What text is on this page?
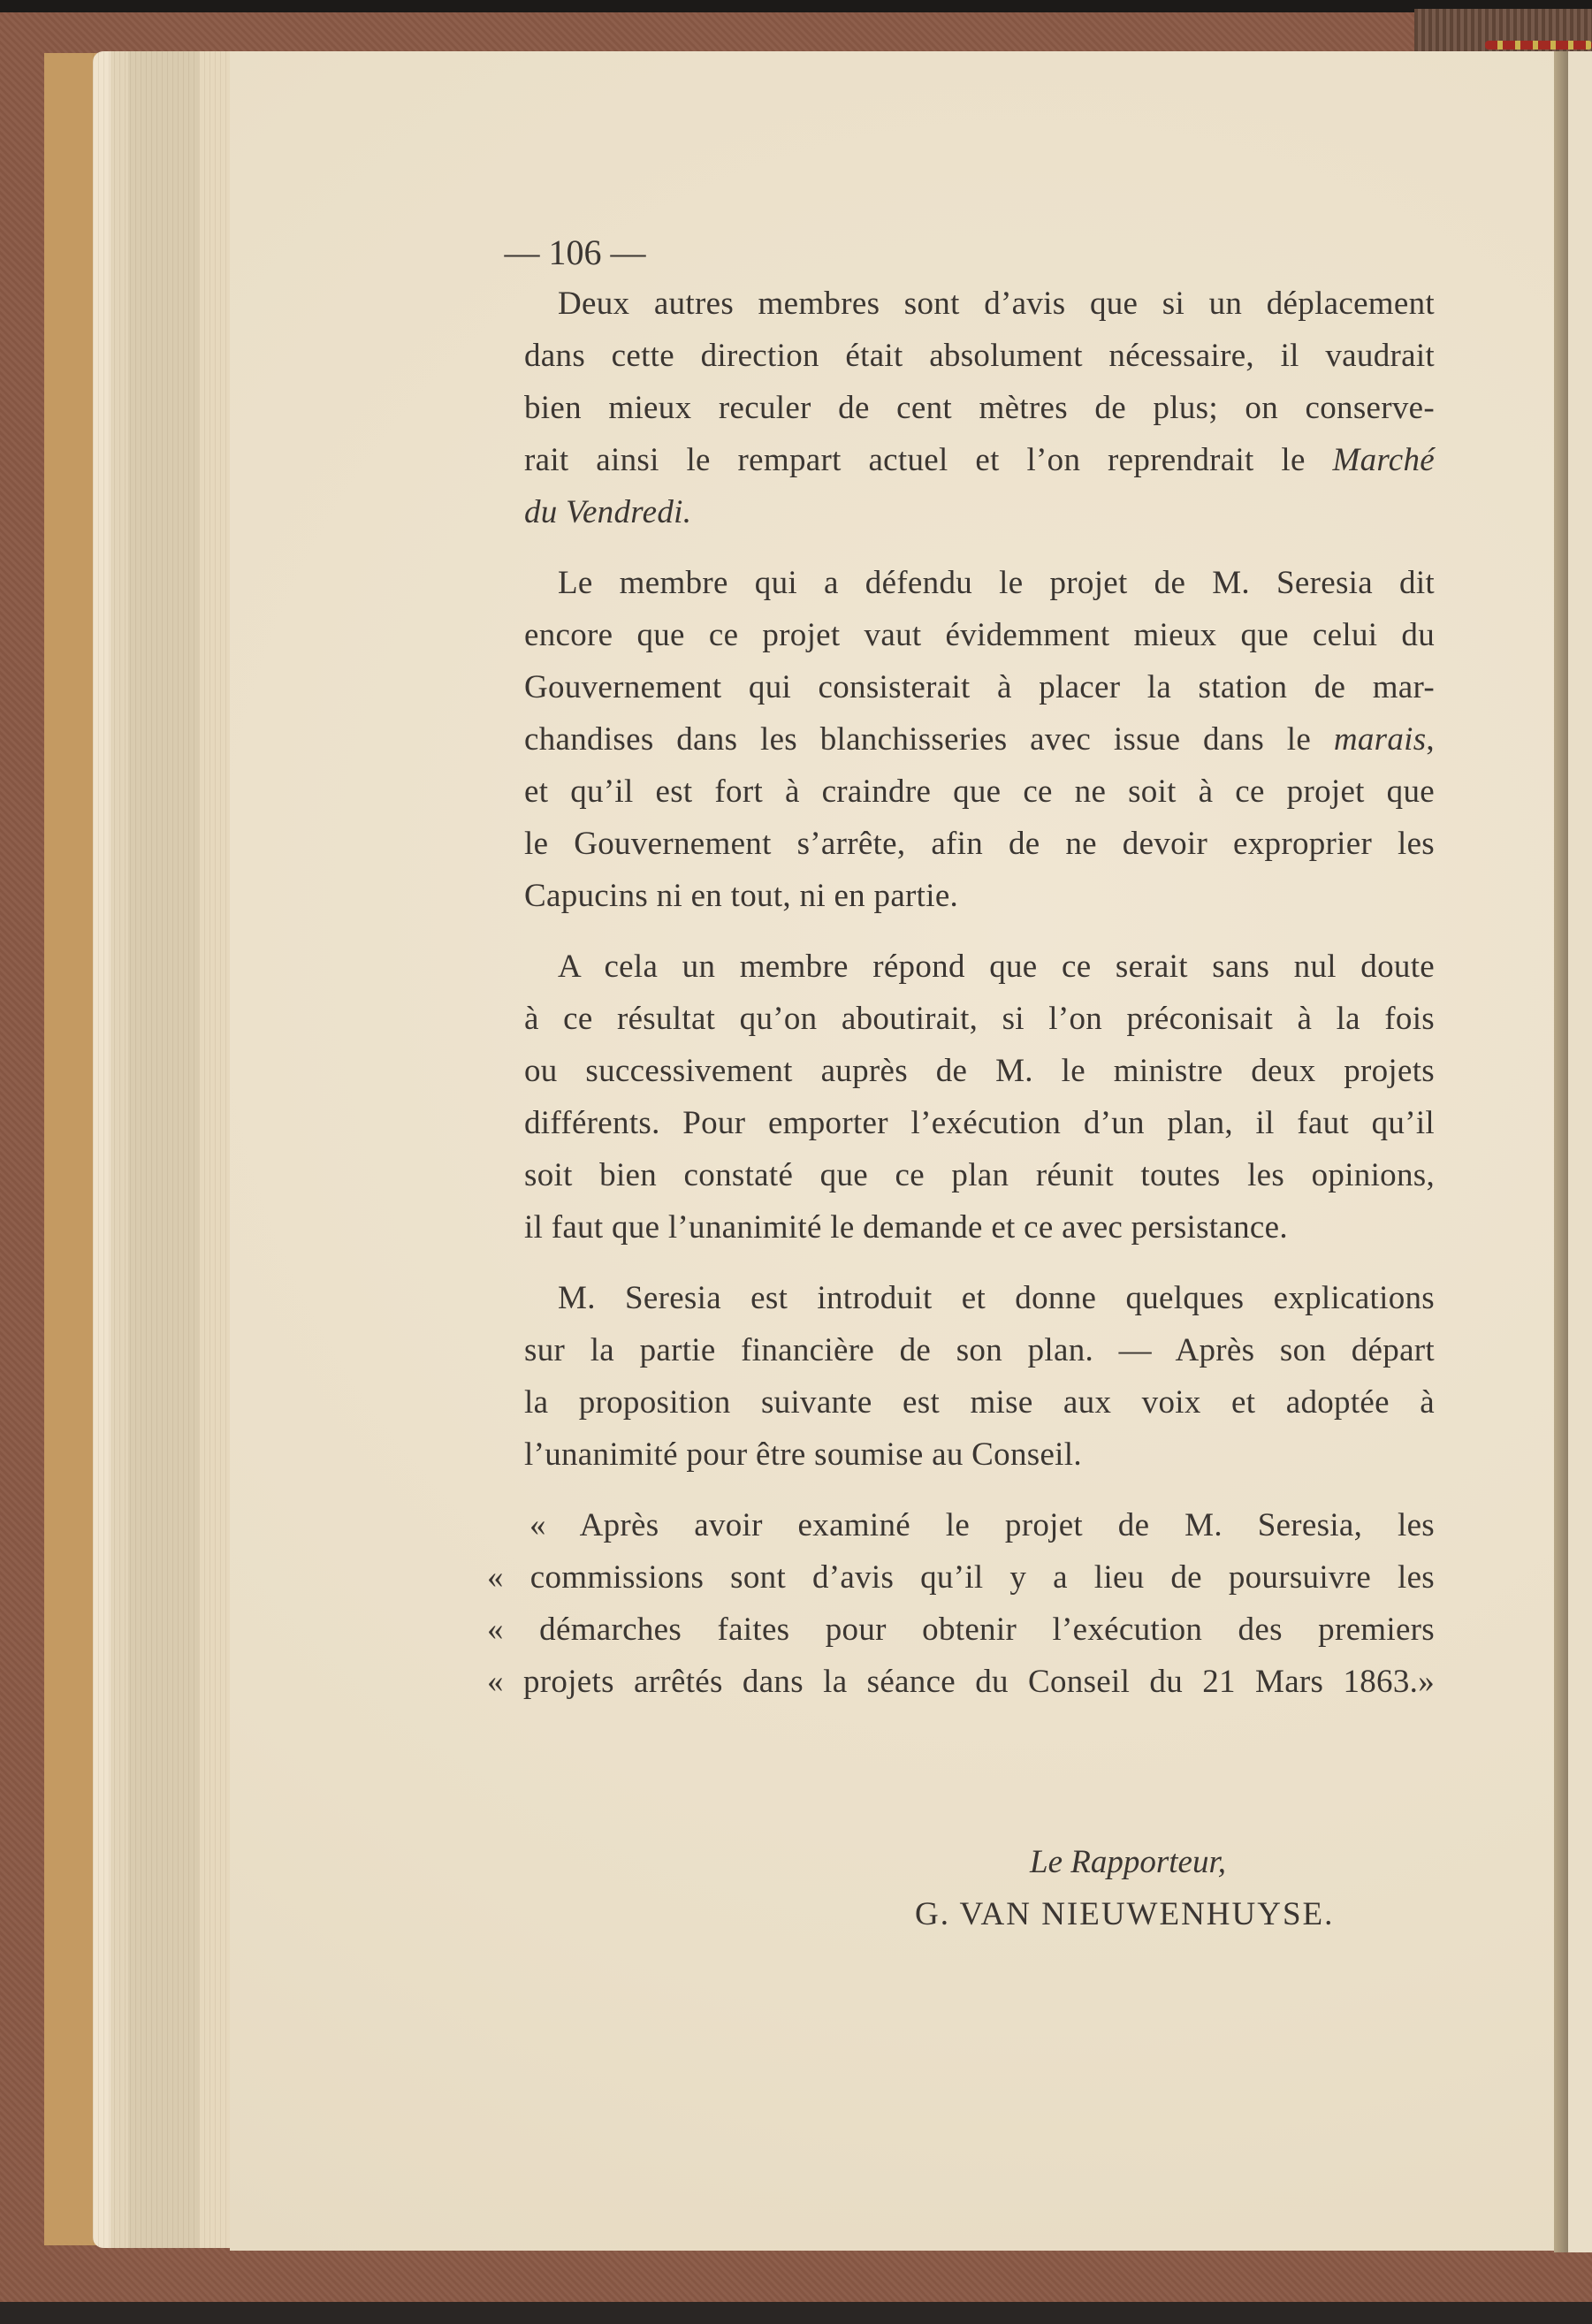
— 106 —

Deux autres membres sont d’avis que si un déplacement
dans cette direction était absolument nécessaire, il vaudrait
bien mieux reculer de cent mètres de plus; on conserve-
rait ainsi le rempart actuel et l’on reprendrait le Marché
du Vendredi.

Le membre qui a défendu le projet de M. Seresia dit
encore que ce projet vaut évidemment mieux que celui du
Gouvernement qui consisterait à placer la station de mar-
chandises dans les blanchisseries avec issue dans le marais,
et qu’il est fort à craindre que ce ne soit à ce projet que
le Gouvernement s’arrête, afin de ne devoir exproprier les
Capucins ni en tout, ni en partie.

A cela un membre répond que ce serait sans nul doute
à ce résultat qu’on aboutirait, si l’on préconisait à la fois
ou successivement auprès de M. le ministre deux projets
différents. Pour emporter l’exécution d’un plan, il faut qu’il
soit bien constaté que ce plan réunit toutes les opinions,
il faut que l’unanimité le demande et ce avec persistance.

M. Seresia est introduit et donne quelques explications
sur la partie financière de son plan. — Après son départ
la proposition suivante est mise aux voix et adoptée à
l’unanimité pour être soumise au Conseil.

« Après avoir examiné le projet de M. Seresia, les
« commissions sont d’avis qu’il y a lieu de poursuivre les
« démarches faites pour obtenir l’exécution des premiers
« projets arrêtés dans la séance du Conseil du 21 Mars 1863.»
Le Rapporteur,
G. VAN NIEUWENHUYSE.
